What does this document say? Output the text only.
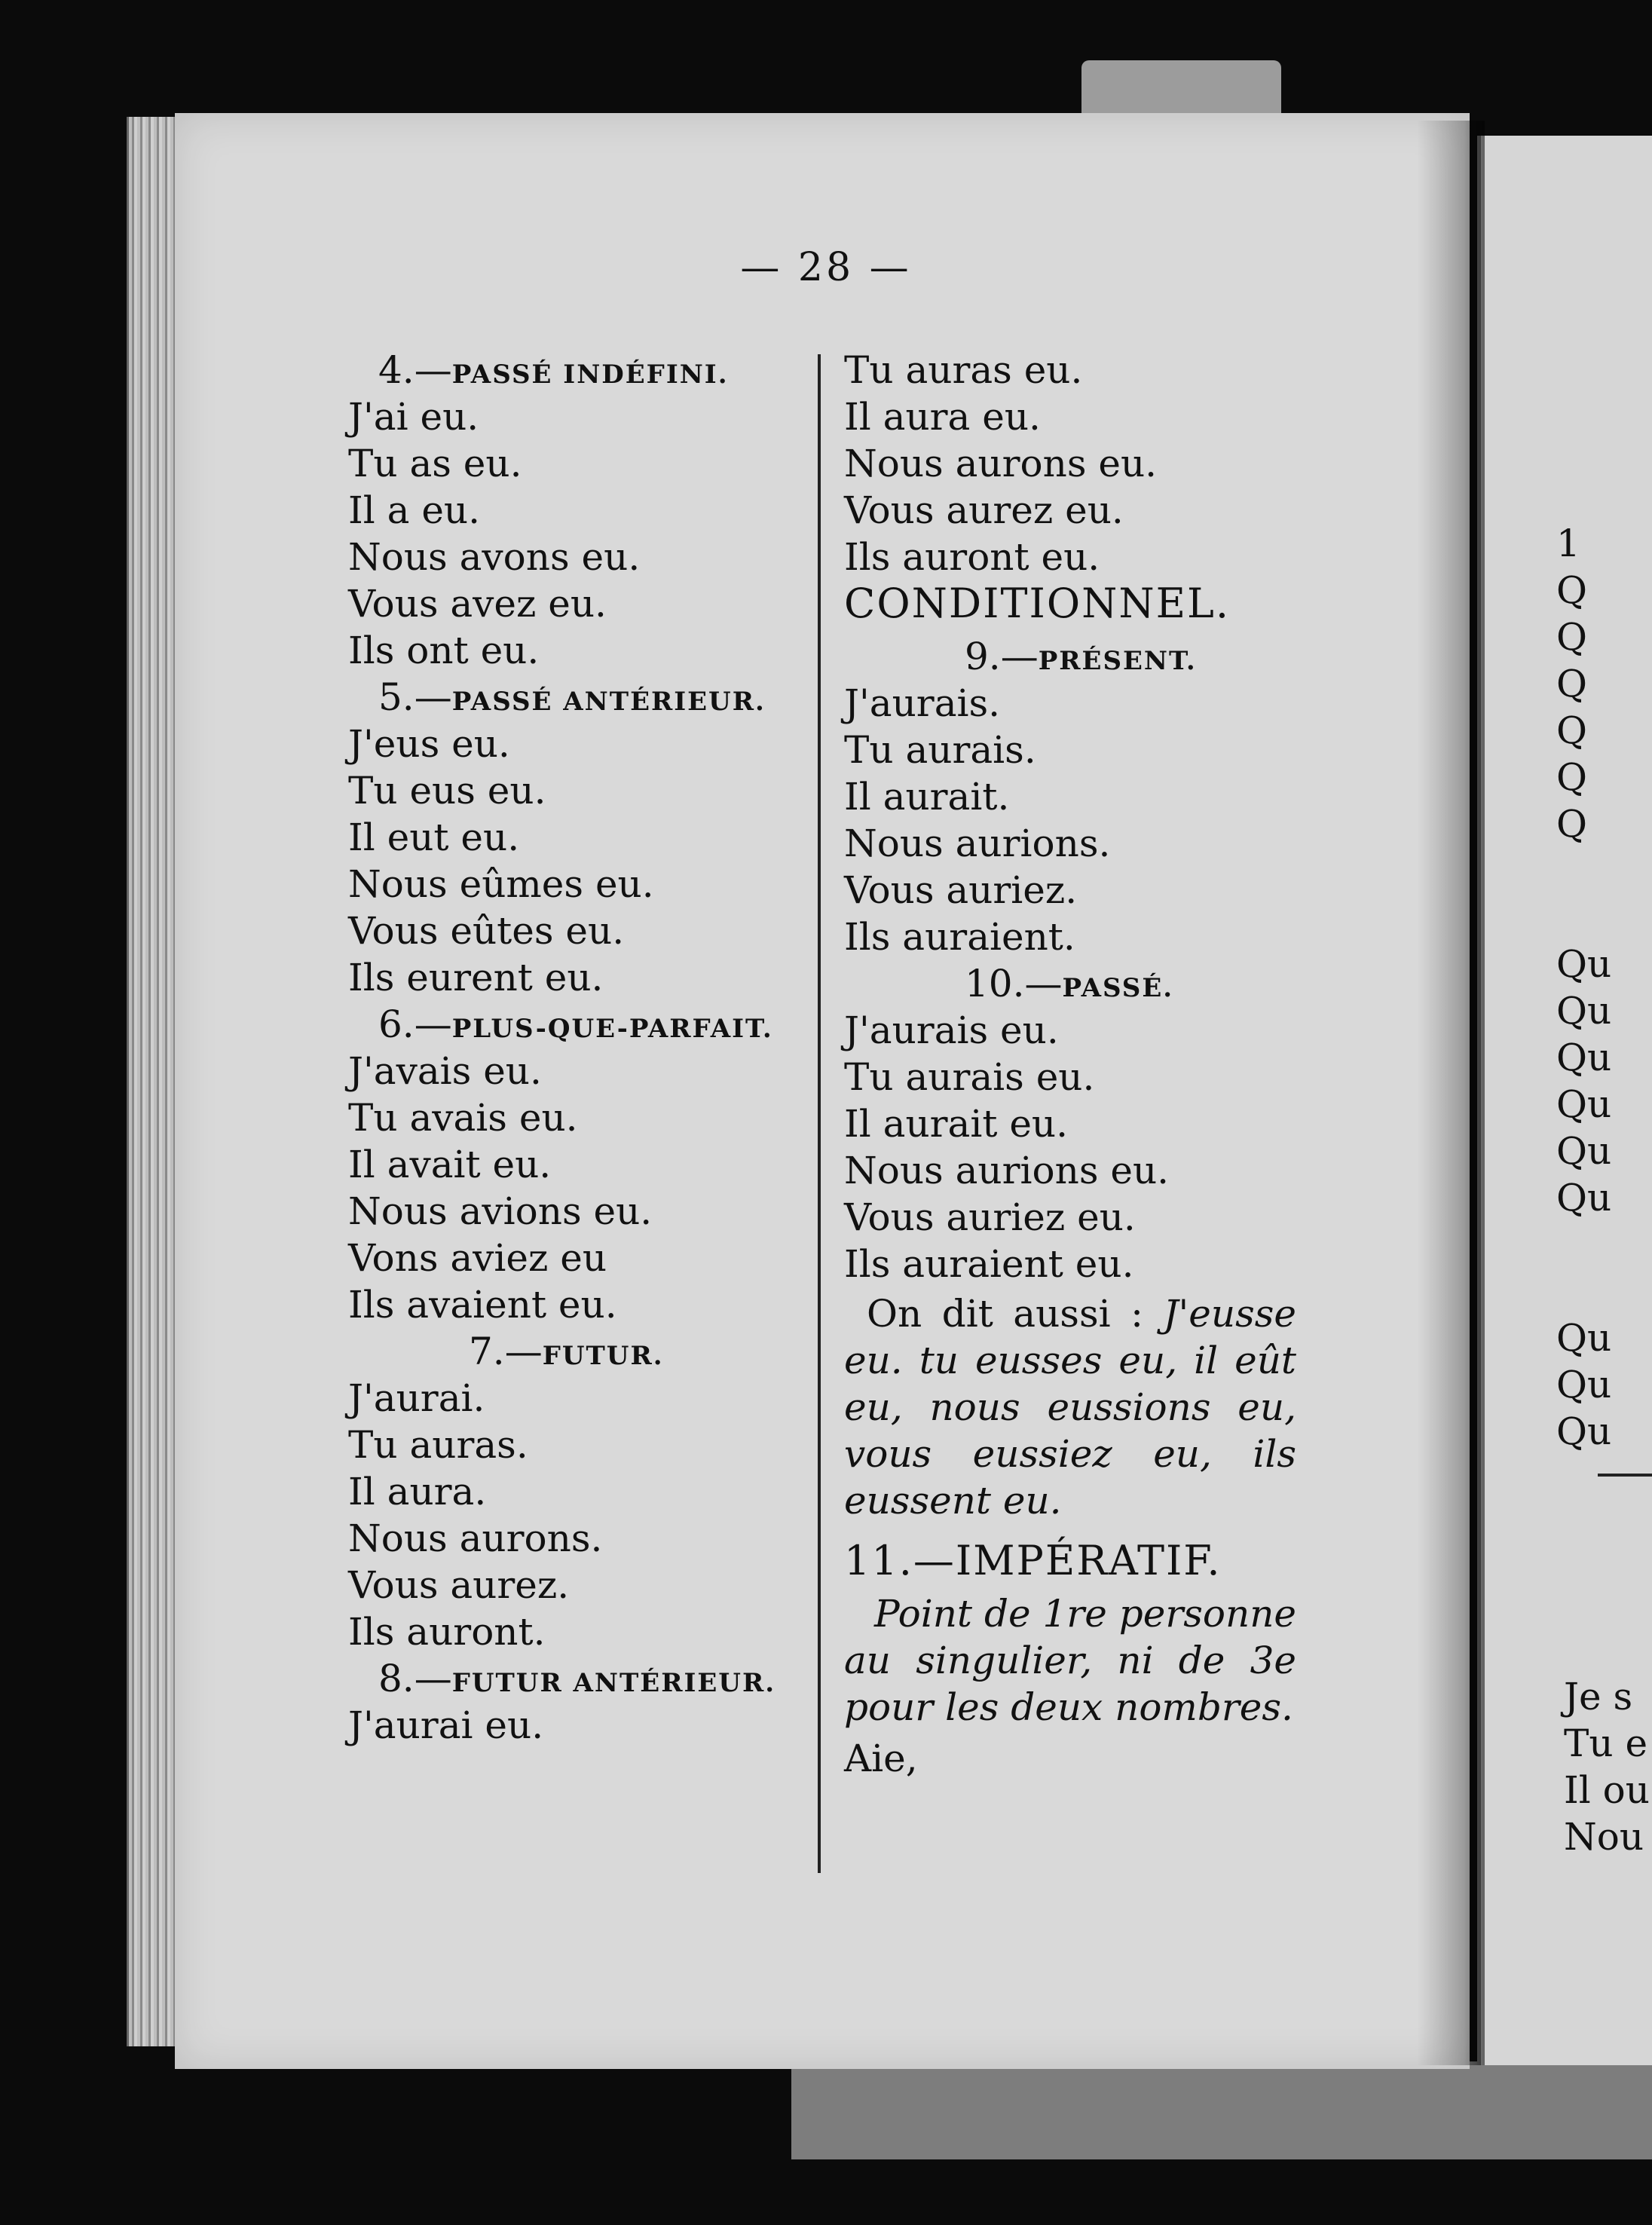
— 28 —
4.—PASSÉ INDÉFINI.
J'ai eu.
Tu as eu.
Il a eu.
Nous avons eu.
Vous avez eu.
Ils ont eu.
5.—PASSÉ ANTÉRIEUR.
J'eus eu.
Tu eus eu.
Il eut eu.
Nous eûmes eu.
Vous eûtes eu.
Ils eurent eu.
6.—PLUS-QUE-PARFAIT.
J'avais eu.
Tu avais eu.
Il avait eu.
Nous avions eu.
Vons aviez eu
Ils avaient eu.
7.—FUTUR.
J'aurai.
Tu auras.
Il aura.
Nous aurons.
Vous aurez.
Ils auront.
8.—FUTUR ANTÉRIEUR.
J'aurai eu.
Tu auras eu.
Il aura eu.
Nous aurons eu.
Vous aurez eu.
Ils auront eu.
CONDITIONNEL.
9.—PRÉSENT.
J'aurais.
Tu aurais.
Il aurait.
Nous aurions.
Vous auriez.
Ils auraient.
10.—PASSÉ.
J'aurais eu.
Tu aurais eu.
Il aurait eu.
Nous aurions eu.
Vous auriez eu.
Ils auraient eu.
On dit aussi : J'eusse eu. tu eusses eu, il eût eu, nous eussions eu, vous eussiez eu, ils eussent eu.
11.—IMPÉRATIF.
Point de 1re personne au singulier, ni de 3e pour les deux nombres.
Aie,
1
Q
Q
Q
Q
Q
Q
Qu
Qu
Qu
Qu
Qu
Qu
Qu
Qu
Qu
Je s
Tu e
Il ou
Nou
